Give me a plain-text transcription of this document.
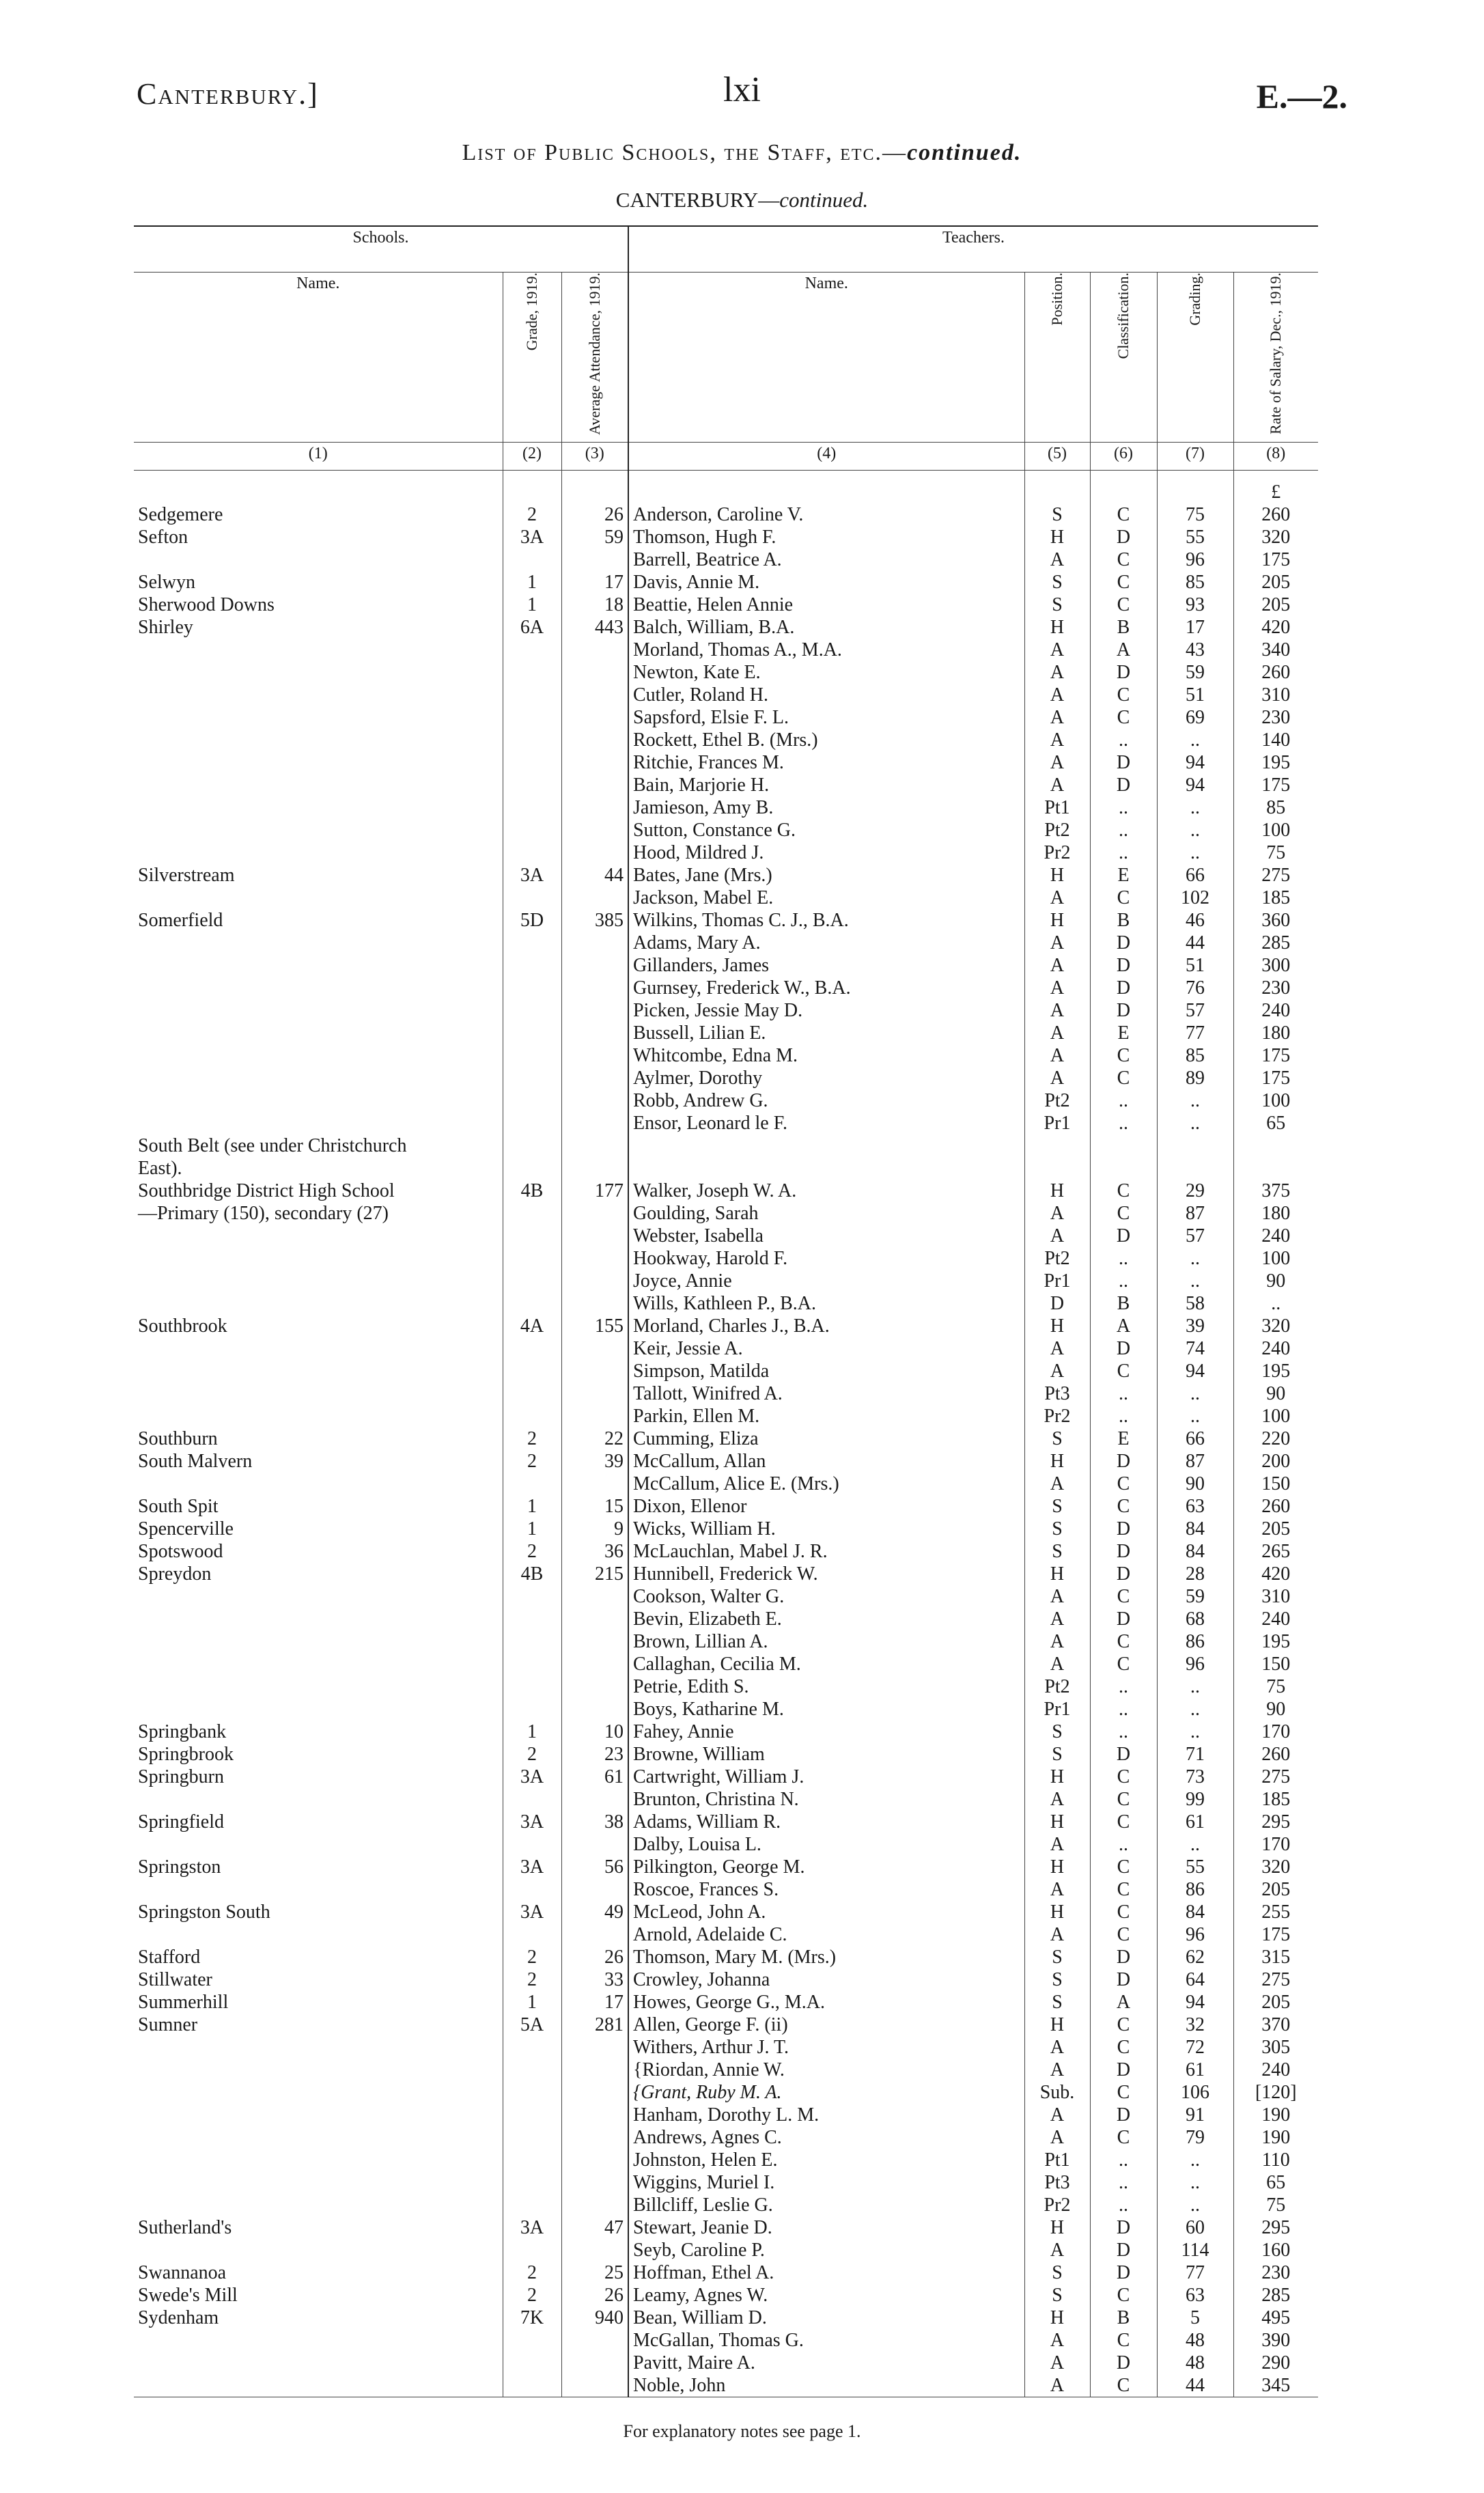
Canterbury.]	lxi	E.—2.
List of Public Schools, the Staff, etc.—continued.
CANTERBURY—continued.
Schools.			Teachers.				
Name.	Grade, 1919.	Average Attendance, 1919.	Name.	Position.	Classification.	Grading.	Rate of Salary, Dec., 1919.
(1)	(2)	(3)	(4)	(5)	(6)	(7)	(8)
							£
Sedgemere	2	26	Anderson, Caroline V.	S	C	75	260
Sefton	3A	59	Thomson, Hugh F.	H	D	55	320
			Barrell, Beatrice A.	A	C	96	175
Selwyn	1	17	Davis, Annie M.	S	C	85	205
Sherwood Downs	1	18	Beattie, Helen Annie	S	C	93	205
Shirley	6A	443	Balch, William, B.A.	H	B	17	420
			Morland, Thomas A., M.A.	A	A	43	340
			Newton, Kate E.	A	D	59	260
			Cutler, Roland H.	A	C	51	310
			Sapsford, Elsie F. L.	A	C	69	230
			Rockett, Ethel B. (Mrs.)	A	..	..	140
			Ritchie, Frances M.	A	D	94	195
			Bain, Marjorie H.	A	D	94	175
			Jamieson, Amy B.	Pt1	..	..	85
			Sutton, Constance G.	Pt2	..	..	100
			Hood, Mildred J.	Pr2	..	..	75
Silverstream	3A	44	Bates, Jane (Mrs.)	H	E	66	275
			Jackson, Mabel E.	A	C	102	185
Somerfield	5D	385	Wilkins, Thomas C. J., B.A.	H	B	46	360
			Adams, Mary A.	A	D	44	285
			Gillanders, James	A	D	51	300
			Gurnsey, Frederick W., B.A.	A	D	76	230
			Picken, Jessie May D.	A	D	57	240
			Bussell, Lilian E.	A	E	77	180
			Whitcombe, Edna M.	A	C	85	175
			Aylmer, Dorothy	A	C	89	175
			Robb, Andrew G.	Pt2	..	..	100
			Ensor, Leonard le F.	Pr1	..	..	65
South Belt (see under Christchurch							
East).							
Southbridge District High School	4B	177	Walker, Joseph W. A.	H	C	29	375
—Primary (150), secondary (27)			Goulding, Sarah	A	C	87	180
			Webster, Isabella	A	D	57	240
			Hookway, Harold F.	Pt2	..	..	100
			Joyce, Annie	Pr1	..	..	90
			Wills, Kathleen P., B.A.	D	B	58	..
Southbrook	4A	155	Morland, Charles J., B.A.	H	A	39	320
			Keir, Jessie A.	A	D	74	240
			Simpson, Matilda	A	C	94	195
			Tallott, Winifred A.	Pt3	..	..	90
			Parkin, Ellen M.	Pr2	..	..	100
Southburn	2	22	Cumming, Eliza	S	E	66	220
South Malvern	2	39	McCallum, Allan	H	D	87	200
			McCallum, Alice E. (Mrs.)	A	C	90	150
South Spit	1	15	Dixon, Ellenor	S	C	63	260
Spencerville	1	9	Wicks, William H.	S	D	84	205
Spotswood	2	36	McLauchlan, Mabel J. R.	S	D	84	265
Spreydon	4B	215	Hunnibell, Frederick W.	H	D	28	420
			Cookson, Walter G.	A	C	59	310
			Bevin, Elizabeth E.	A	D	68	240
			Brown, Lillian A.	A	C	86	195
			Callaghan, Cecilia M.	A	C	96	150
			Petrie, Edith S.	Pt2	..	..	75
			Boys, Katharine M.	Pr1	..	..	90
Springbank	1	10	Fahey, Annie	S	..	..	170
Springbrook	2	23	Browne, William	S	D	71	260
Springburn	3A	61	Cartwright, William J.	H	C	73	275
			Brunton, Christina N.	A	C	99	185
Springfield	3A	38	Adams, William R.	H	C	61	295
			Dalby, Louisa L.	A	..	..	170
Springston	3A	56	Pilkington, George M.	H	C	55	320
			Roscoe, Frances S.	A	C	86	205
Springston South	3A	49	McLeod, John A.	H	C	84	255
			Arnold, Adelaide C.	A	C	96	175
Stafford	2	26	Thomson, Mary M. (Mrs.)	S	D	62	315
Stillwater	2	33	Crowley, Johanna	S	D	64	275
Summerhill	1	17	Howes, George G., M.A.	S	A	94	205
Sumner	5A	281	Allen, George F. (ii)	H	C	32	370
			Withers, Arthur J. T.	A	C	72	305
			{Riordan, Annie W.	A	D	61	240
			{Grant, Ruby M. A.	Sub.	C	106	[120]
			Hanham, Dorothy L. M.	A	D	91	190
			Andrews, Agnes C.	A	C	79	190
			Johnston, Helen E.	Pt1	..	..	110
			Wiggins, Muriel I.	Pt3	..	..	65
			Billcliff, Leslie G.	Pr2	..	..	75
Sutherland's	3A	47	Stewart, Jeanie D.	H	D	60	295
			Seyb, Caroline P.	A	D	114	160
Swannanoa	2	25	Hoffman, Ethel A.	S	D	77	230
Swede's Mill	2	26	Leamy, Agnes W.	S	C	63	285
Sydenham	7K	940	Bean, William D.	H	B	5	495
			McGallan, Thomas G.	A	C	48	390
			Pavitt, Maire A.	A	D	48	290
			Noble, John	A	C	44	345
For explanatory notes see page 1.
